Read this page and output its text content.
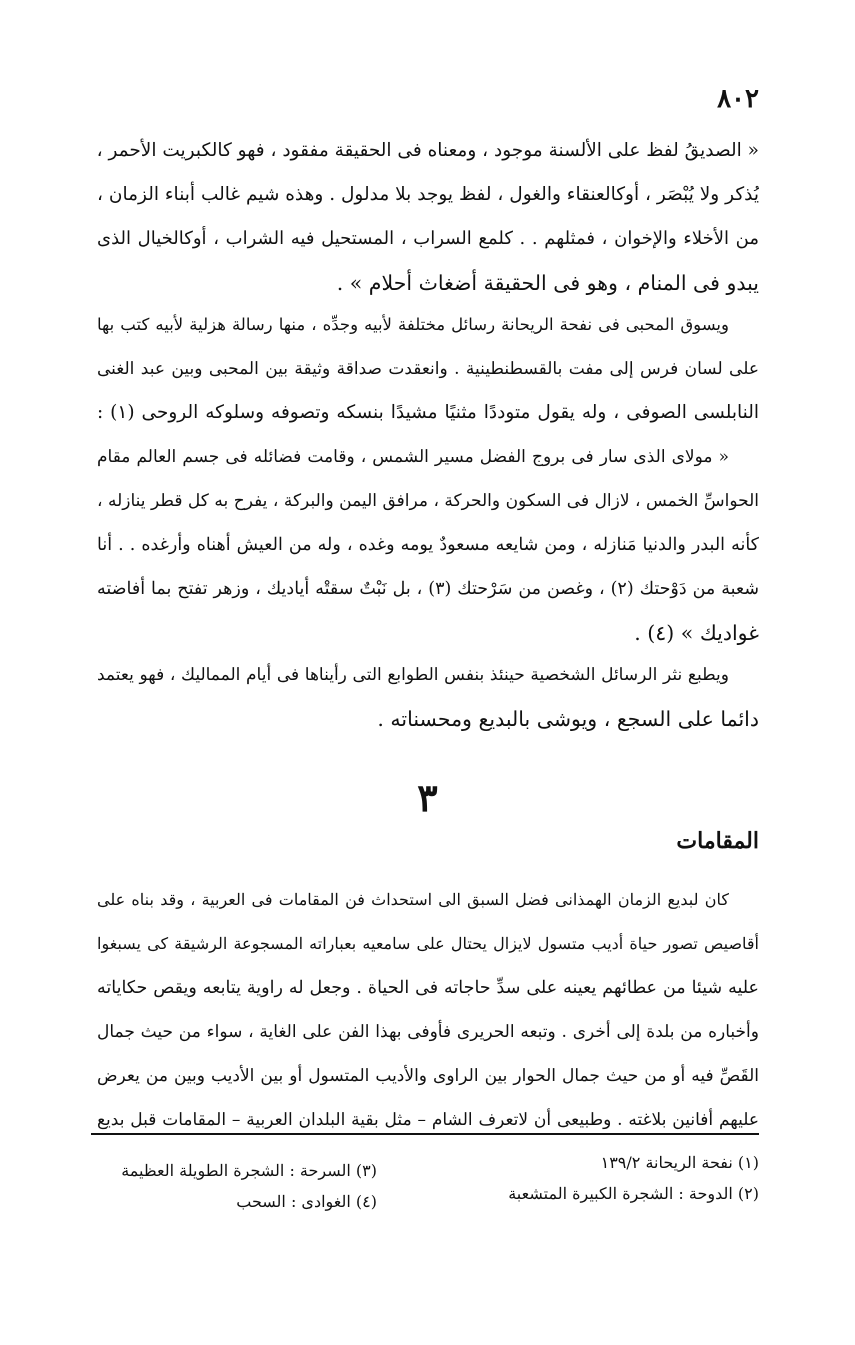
٨٠٢
« الصديقُ لفظ على الألسنة موجود ، ومعناه فى الحقيقة مفقود ، فهو كالكبريت الأحمر ،
يُذكر ولا يُبْصَر ، أوكالعنقاء والغول ، لفظ يوجد بلا مدلول . وهذه شيم غالب أبناء الزمان ،
من الأخلاء والإخوان ، فمثلهم . . كلمع السراب ، المستحيل فيه الشراب ، أوكالخيال الذى
يبدو فى المنام ، وهو فى الحقيقة أضغاث أحلام » .
ويسوق المحبى فى نفحة الريحانة رسائل مختلفة لأبيه وجدِّه ، منها رسالة هزلية لأبيه كتب بها
على لسان فرس إلى مفت بالقسطنطينية . وانعقدت صداقة وثيقة بين المحبى وبين عبد الغنى
النابلسى الصوفى ، وله يقول متوددًا مثنيًا مشيدًا بنسكه وتصوفه وسلوكه الروحى (١) :
« مولاى الذى سار فى بروج الفضل مسير الشمس ، وقامت فضائله فى جسم العالم مقام
الحواسِّ الخمس ، لازال فى السكون والحركة ، مرافق اليمن والبركة ، يفرح به كل قطر ينازله ،
كأنه البدر والدنيا مَنازله ، ومن شايعه مسعودٌ يومه وغده ، وله من العيش أهناه وأرغده . . أنا
شعبة من دَوْحتك (٢) ، وغصن من سَرْحتك (٣) ، بل نَبْتٌ سقتْه أياديك ، وزهر تفتح بما أفاضته
غواديك » (٤) .
ويطبع نثر الرسائل الشخصية حينئذ بنفس الطوابع التى رأيناها فى أيام المماليك ، فهو يعتمد
دائما على السجع ، ويوشى بالبديع ومحسناته .
٣
المقامات
كان لبديع الزمان الهمذانى فضل السبق الى استحداث فن المقامات فى العربية ، وقد بناه على
أقاصيص تصور حياة أديب متسول لايزال يحتال على سامعيه بعباراته المسجوعة الرشيقة كى يسبغوا
عليه شيئا من عطائهم يعينه على سدِّ حاجاته فى الحياة . وجعل له راوية يتابعه ويقص حكاياته
وأخباره من بلدة إلى أخرى . وتبعه الحريرى فأوفى بهذا الفن على الغاية ، سواء من حيث جمال
القَصِّ فيه أو من حيث جمال الحوار بين الراوى والأديب المتسول أو بين الأديب وبين من يعرض
عليهم أفانين بلاغته . وطبيعى أن لاتعرف الشام – مثل بقية البلدان العربية – المقامات قبل بديع
(١) نفحة الريحانة ١٣٩/٢
(٢) الدوحة : الشجرة الكبيرة المتشعبة
(٣) السرحة : الشجرة الطويلة العظيمة
(٤) الغوادى : السحب
